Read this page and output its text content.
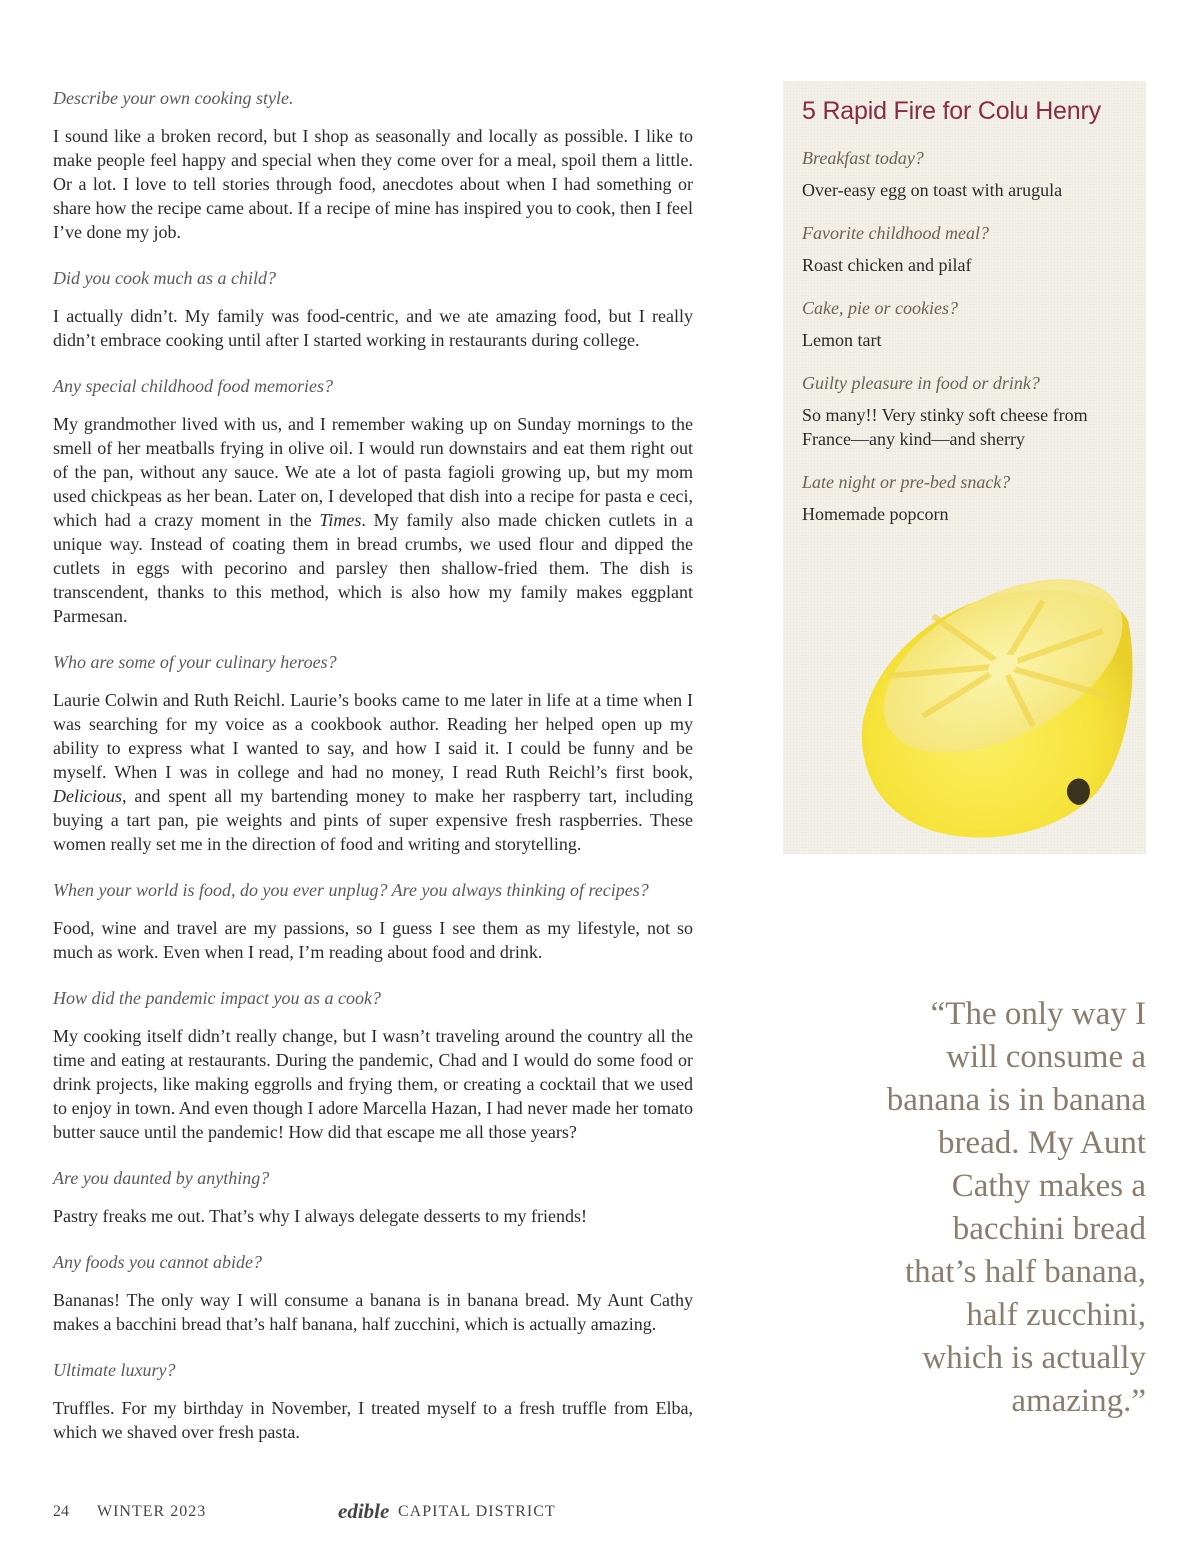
Describe your own cooking style.

I sound like a broken record, but I shop as seasonally and locally as possible. I like to make people feel happy and special when they come over for a meal, spoil them a little. Or a lot. I love to tell stories through food, anecdotes about when I had something or share how the recipe came about. If a recipe of mine has inspired you to cook, then I feel I’ve done my job.

Did you cook much as a child?

I actually didn’t. My family was food-centric, and we ate amazing food, but I really didn’t embrace cooking until after I started working in restaurants during college.

Any special childhood food memories?

My grandmother lived with us, and I remember waking up on Sunday mornings to the smell of her meatballs frying in olive oil. I would run downstairs and eat them right out of the pan, without any sauce. We ate a lot of pasta fagioli growing up, but my mom used chickpeas as her bean. Later on, I developed that dish into a recipe for pasta e ceci, which had a crazy moment in the Times. My family also made chicken cutlets in a unique way. Instead of coating them in bread crumbs, we used flour and dipped the cutlets in eggs with pecorino and parsley then shallow-fried them. The dish is transcendent, thanks to this method, which is also how my family makes eggplant Parmesan.

Who are some of your culinary heroes?

Laurie Colwin and Ruth Reichl. Laurie’s books came to me later in life at a time when I was searching for my voice as a cookbook author. Reading her helped open up my ability to express what I wanted to say, and how I said it. I could be funny and be myself. When I was in college and had no money, I read Ruth Reichl’s first book, Delicious, and spent all my bartending money to make her raspberry tart, including buying a tart pan, pie weights and pints of super expensive fresh raspberries. These women really set me in the direction of food and writing and storytelling.

When your world is food, do you ever unplug? Are you always thinking of recipes?

Food, wine and travel are my passions, so I guess I see them as my lifestyle, not so much as work. Even when I read, I’m reading about food and drink.

How did the pandemic impact you as a cook?

My cooking itself didn’t really change, but I wasn’t traveling around the country all the time and eating at restaurants. During the pandemic, Chad and I would do some food or drink projects, like making eggrolls and frying them, or creating a cocktail that we used to enjoy in town. And even though I adore Marcella Hazan, I had never made her tomato butter sauce until the pandemic! How did that escape me all those years?

Are you daunted by anything?

Pastry freaks me out. That’s why I always delegate desserts to my friends!

Any foods you cannot abide?

Bananas! The only way I will consume a banana is in banana bread. My Aunt Cathy makes a bacchini bread that’s half banana, half zucchini, which is actually amazing.

Ultimate luxury?

Truffles. For my birthday in November, I treated myself to a fresh truffle from Elba, which we shaved over fresh pasta.

5 Rapid Fire for Colu Henry

Breakfast today?

Over-easy egg on toast with arugula

Favorite childhood meal?

Roast chicken and pilaf

Cake, pie or cookies?

Lemon tart

Guilty pleasure in food or drink?

So many!! Very stinky soft cheese from France—any kind—and sherry

Late night or pre-bed snack?

Homemade popcorn

“The only way I will consume a banana is in banana bread. My Aunt Cathy makes a bacchini bread that’s half banana, half zucchini, which is actually amazing.”
24 WINTER 2023	edible CAPITAL DISTRICT
